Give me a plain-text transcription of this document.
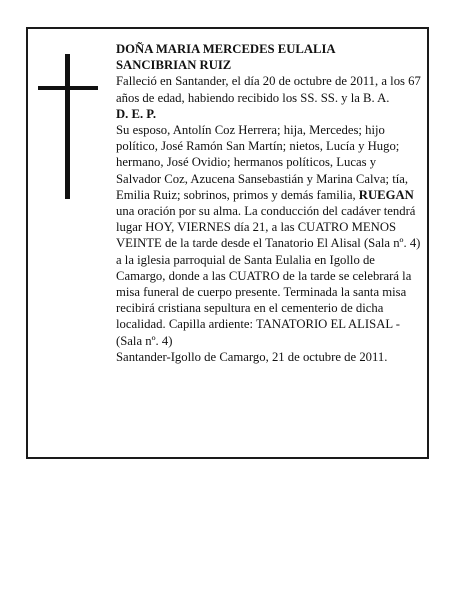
DOÑA MARIA MERCEDES EULALIA
SANCIBRIAN RUIZ

Falleció en Santander, el día 20 de octubre de 2011, a los 67 años de edad, habiendo recibido los SS. SS. y la B. A.

D. E. P.

Su esposo, Antolín Coz Herrera; hija, Mercedes; hijo político, José Ramón San Martín; nietos, Lucía y Hugo; hermano, José Ovidio; hermanos políticos, Lucas y Salvador Coz, Azucena Sansebastián y Marina Calva; tía, Emilia Ruiz; sobrinos, primos y demás familia, RUEGAN una oración por su alma. La conducción del cadáver tendrá lugar HOY, VIERNES día 21, a las CUATRO MENOS VEINTE de la tarde desde el Tanatorio El Alisal (Sala nº. 4) a la iglesia parroquial de Santa Eulalia en Igollo de Camargo, donde a las CUATRO de la tarde se celebrará la misa funeral de cuerpo presente. Terminada la santa misa recibirá cristiana sepultura en el cementerio de dicha localidad. Capilla ardiente: TANATORIO EL ALISAL - (Sala nº. 4)

Santander-Igollo de Camargo, 21 de octubre de 2011.
